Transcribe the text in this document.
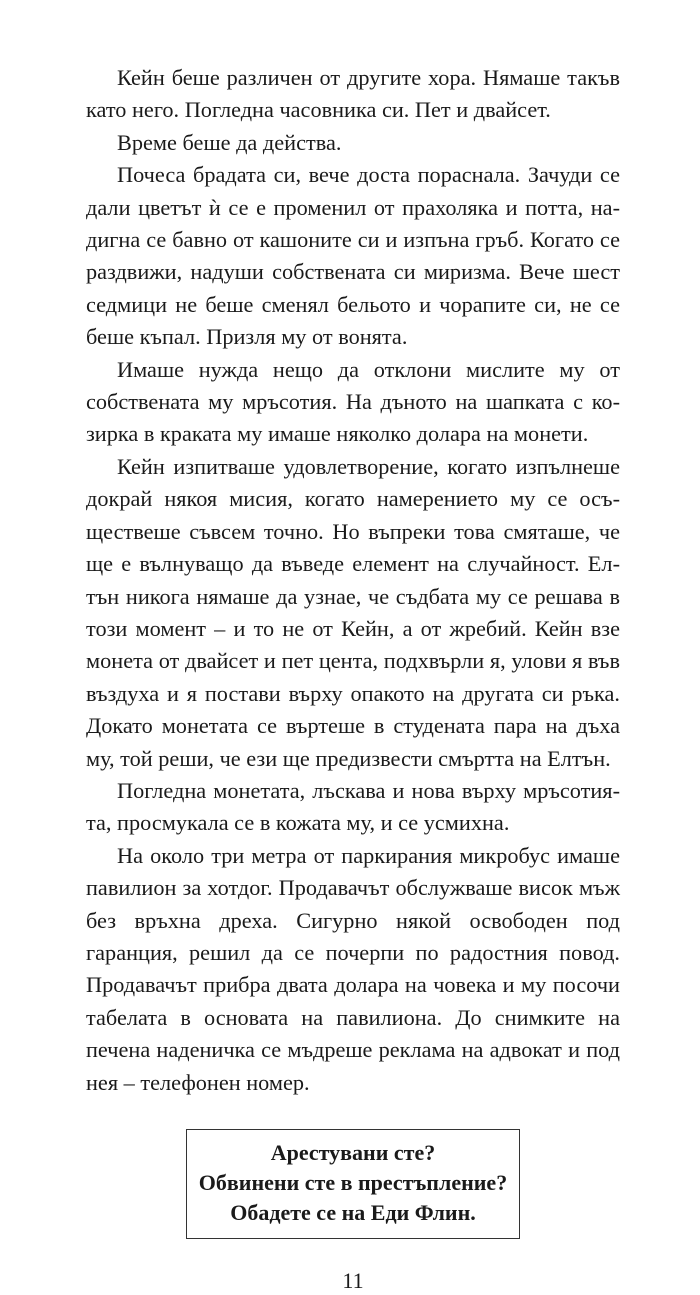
Кейн беше различен от другите хора. Нямаше такъв като него. Погледна часовника си. Пет и двайсет.

Време беше да действа.

Почеса брадата си, вече доста пораснала. Зачуди се дали цветът ѝ се е променил от прахоляка и потта, надигна се бавно от кашоните си и изпъна гръб. Когато се раздвижи, надуши собствената си миризма. Вече шест седмици не беше сменял бельото и чорапите си, не се беше къпал. Призля му от вонята.

Имаше нужда нещо да отклони мислите му от собствената му мръсотия. На дъното на шапката с козирка в краката му имаше няколко долара на монети.

Кейн изпитваше удовлетворение, когато изпълнеше докрай някоя мисия, когато намерението му се осъществеше съвсем точно. Но въпреки това смяташе, че ще е вълнуващо да въведе елемент на случайност. Елтън никога нямаше да узнае, че съдбата му се решава в този момент – и то не от Кейн, а от жребий. Кейн взе монета от двайсет и пет цента, подхвърли я, улови я във въздуха и я постави върху опакото на другата си ръка. Докато монетата се въртеше в студената пара на дъха му, той реши, че ези ще предизвести смъртта на Елтън.

Погледна монетата, лъскава и нова върху мръсотията, просмукала се в кожата му, и се усмихна.

На около три метра от паркирания микробус имаше павилион за хотдог. Продавачът обслужваше висок мъж без връхна дреха. Сигурно някой освободен под гаранция, решил да се почерпи по радостния повод. Продавачът прибра двата долара на човека и му посочи табелата в основата на павилиона. До снимките на печена наденичка се мъдреше реклама на адвокат и под нея – телефонен номер.

Арестувани сте?
Обвинени сте в престъпление?
Обадете се на Еди Флин.
11
